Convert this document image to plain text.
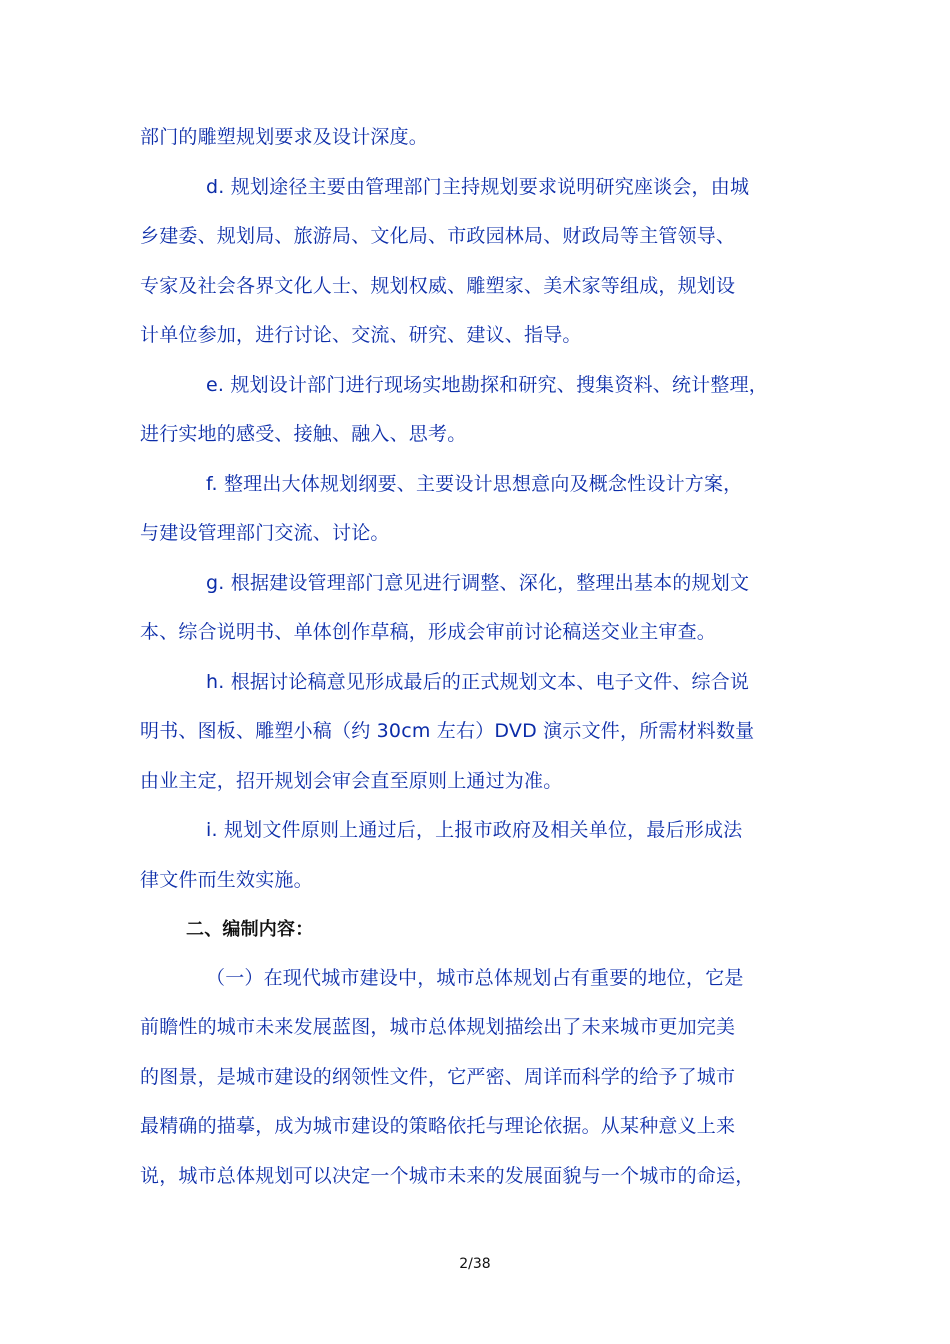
部门的雕塑规划要求及设计深度。
d. 规划途径主要由管理部门主持规划要求说明研究座谈会，由城
乡建委、规划局、旅游局、文化局、市政园林局、财政局等主管领导、
专家及社会各界文化人士、规划权威、雕塑家、美术家等组成，规划设
计单位参加，进行讨论、交流、研究、建议、指导。
e. 规划设计部门进行现场实地勘探和研究、搜集资料、统计整理，
进行实地的感受、接触、融入、思考。
f. 整理出大体规划纲要、主要设计思想意向及概念性设计方案，
与建设管理部门交流、讨论。
g. 根据建设管理部门意见进行调整、深化，整理出基本的规划文
本、综合说明书、单体创作草稿，形成会审前讨论稿送交业主审查。
h. 根据讨论稿意见形成最后的正式规划文本、电子文件、综合说
明书、图板、雕塑小稿（约 30cm 左右）DVD 演示文件，所需材料数量
由业主定，招开规划会审会直至原则上通过为准。
i. 规划文件原则上通过后，上报市政府及相关单位，最后形成法
律文件而生效实施。
二、编制内容：
（一）在现代城市建设中，城市总体规划占有重要的地位，它是
前瞻性的城市未来发展蓝图，城市总体规划描绘出了未来城市更加完美
的图景，是城市建设的纲领性文件，它严密、周详而科学的给予了城市
最精确的描摹，成为城市建设的策略依托与理论依据。从某种意义上来
说，城市总体规划可以决定一个城市未来的发展面貌与一个城市的命运，
2/38
